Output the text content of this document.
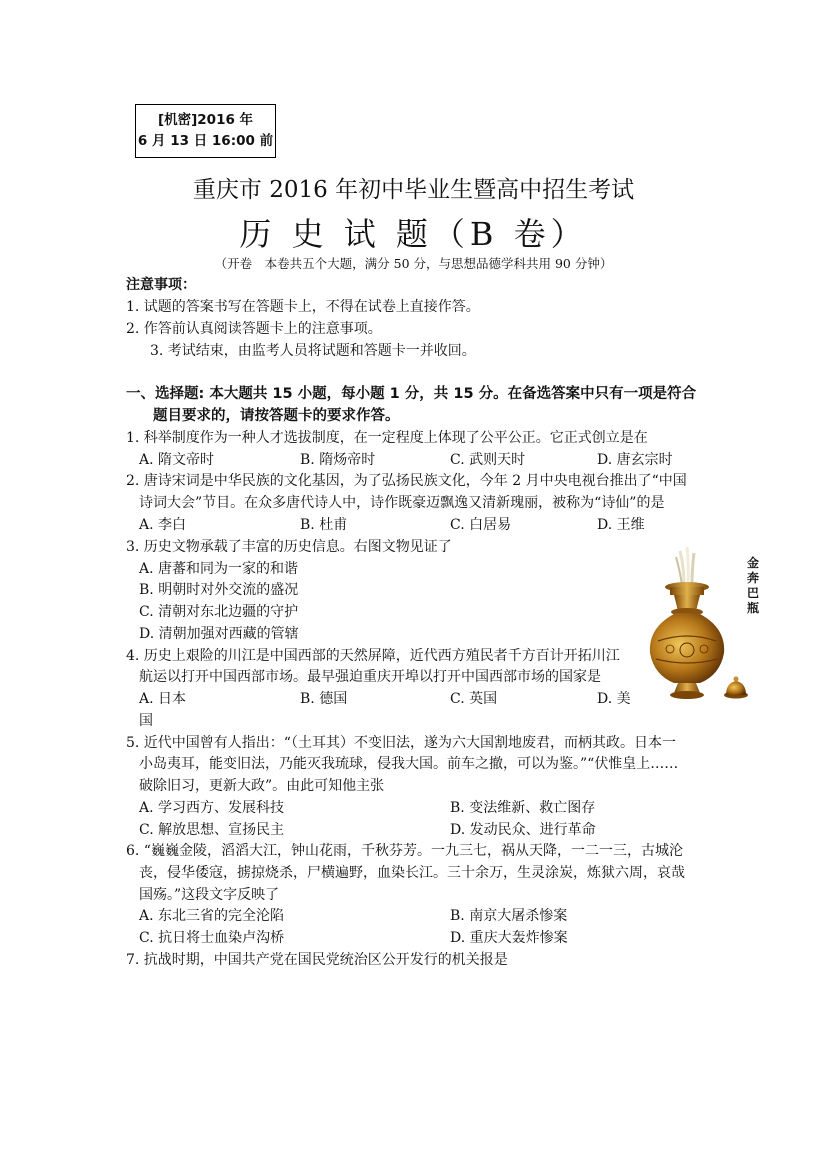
[机密]2016 年
6 月 13 日 16:00 前
重庆市 2016 年初中毕业生暨高中招生考试
历 史 试 题（B 卷）
（开卷　本卷共五个大题，满分 50 分，与思想品德学科共用 90 分钟）
注意事项：
1. 试题的答案书写在答题卡上，不得在试卷上直接作答。
2. 作答前认真阅读答题卡上的注意事项。
3. 考试结束，由监考人员将试题和答题卡一并收回。
一、选择题: 本大题共 15 小题，每小题 1 分，共 15 分。在备选答案中只有一项是符合
题目要求的，请按答题卡的要求作答。
1. 科举制度作为一种人才选拔制度，在一定程度上体现了公平公正。它正式创立是在
A. 隋文帝时	B. 隋炀帝时	C. 武则天时	D. 唐玄宗时
2. 唐诗宋词是中华民族的文化基因，为了弘扬民族文化，今年 2 月中央电视台推出了“中国
诗词大会”节目。在众多唐代诗人中，诗作既豪迈飘逸又清新瑰丽，被称为“诗仙”的是
A. 李白	B. 杜甫	C. 白居易	D. 王维
3. 历史文物承载了丰富的历史信息。右图文物见证了
A. 唐蕃和同为一家的和谐
B. 明朝时对外交流的盛况
C. 清朝对东北边疆的守护
D. 清朝加强对西藏的管辖
金
奔
巴
瓶
4. 历史上艰险的川江是中国西部的天然屏障，近代西方殖民者千方百计开拓川江
航运以打开中国西部市场。最早强迫重庆开埠以打开中国西部市场的国家是
A. 日本	B. 德国	C. 英国	D. 美
国
5. 近代中国曾有人指出：“（土耳其）不变旧法，遂为六大国割地废君，而柄其政。日本一
小岛夷耳，能变旧法，乃能灭我琉球，侵我大国。前车之撤，可以为鉴。”“伏惟皇上……
破除旧习，更新大政”。由此可知他主张
A. 学习西方、发展科技	B. 变法维新、救亡图存
C. 解放思想、宣扬民主	D. 发动民众、进行革命
6. “巍巍金陵，滔滔大江，钟山花雨，千秋芬芳。一九三七，祸从天降，一二一三，古城沦
丧，侵华倭寇，掳掠烧杀，尸横遍野，血染长江。三十余万，生灵涂炭，炼狱六周，哀哉
国殇。”这段文字反映了
A. 东北三省的完全沦陷	B. 南京大屠杀惨案
C. 抗日将士血染卢沟桥	D. 重庆大轰炸惨案
7. 抗战时期，中国共产党在国民党统治区公开发行的机关报是
